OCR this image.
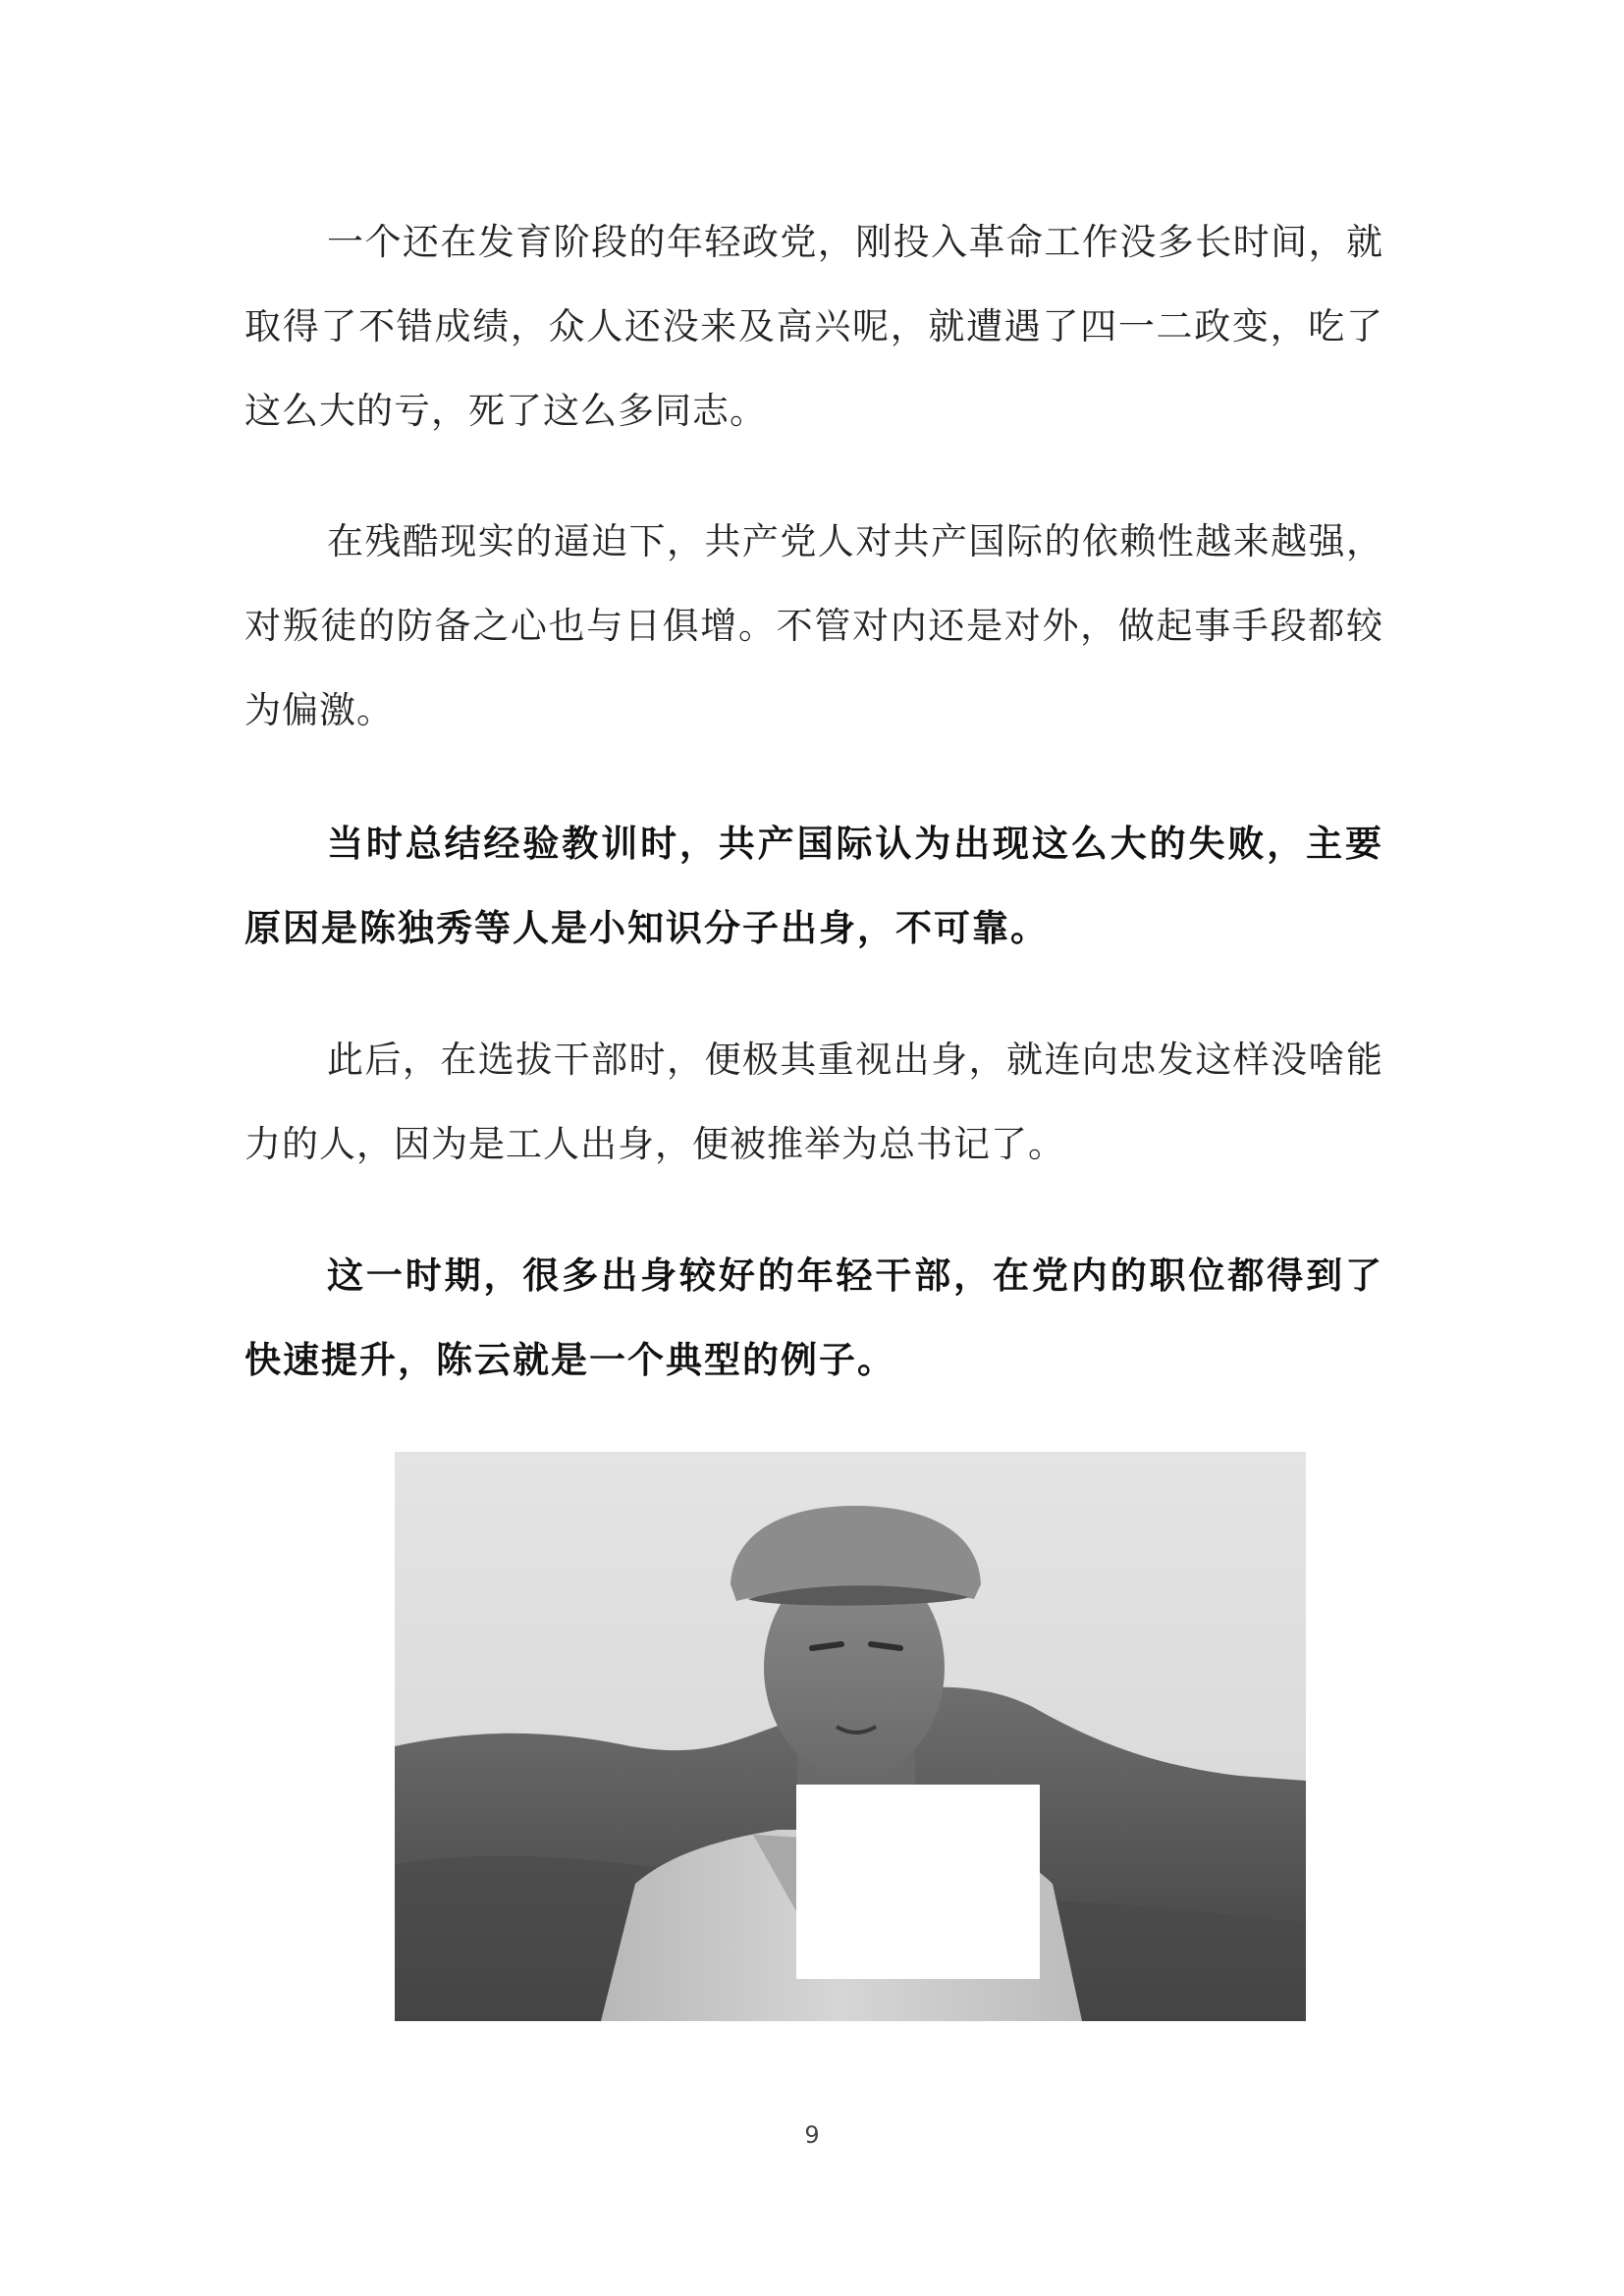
一个还在发育阶段的年轻政党，刚投入革命工作没多长时间，就取得了不错成绩，众人还没来及高兴呢，就遭遇了四一二政变，吃了这么大的亏，死了这么多同志。

在残酷现实的逼迫下，共产党人对共产国际的依赖性越来越强，对叛徒的防备之心也与日俱增。不管对内还是对外，做起事手段都较为偏激。

当时总结经验教训时，共产国际认为出现这么大的失败，主要原因是陈独秀等人是小知识分子出身，不可靠。

此后，在选拔干部时，便极其重视出身，就连向忠发这样没啥能力的人，因为是工人出身，便被推举为总书记了。

这一时期，很多出身较好的年轻干部，在党内的职位都得到了快速提升，陈云就是一个典型的例子。

9
